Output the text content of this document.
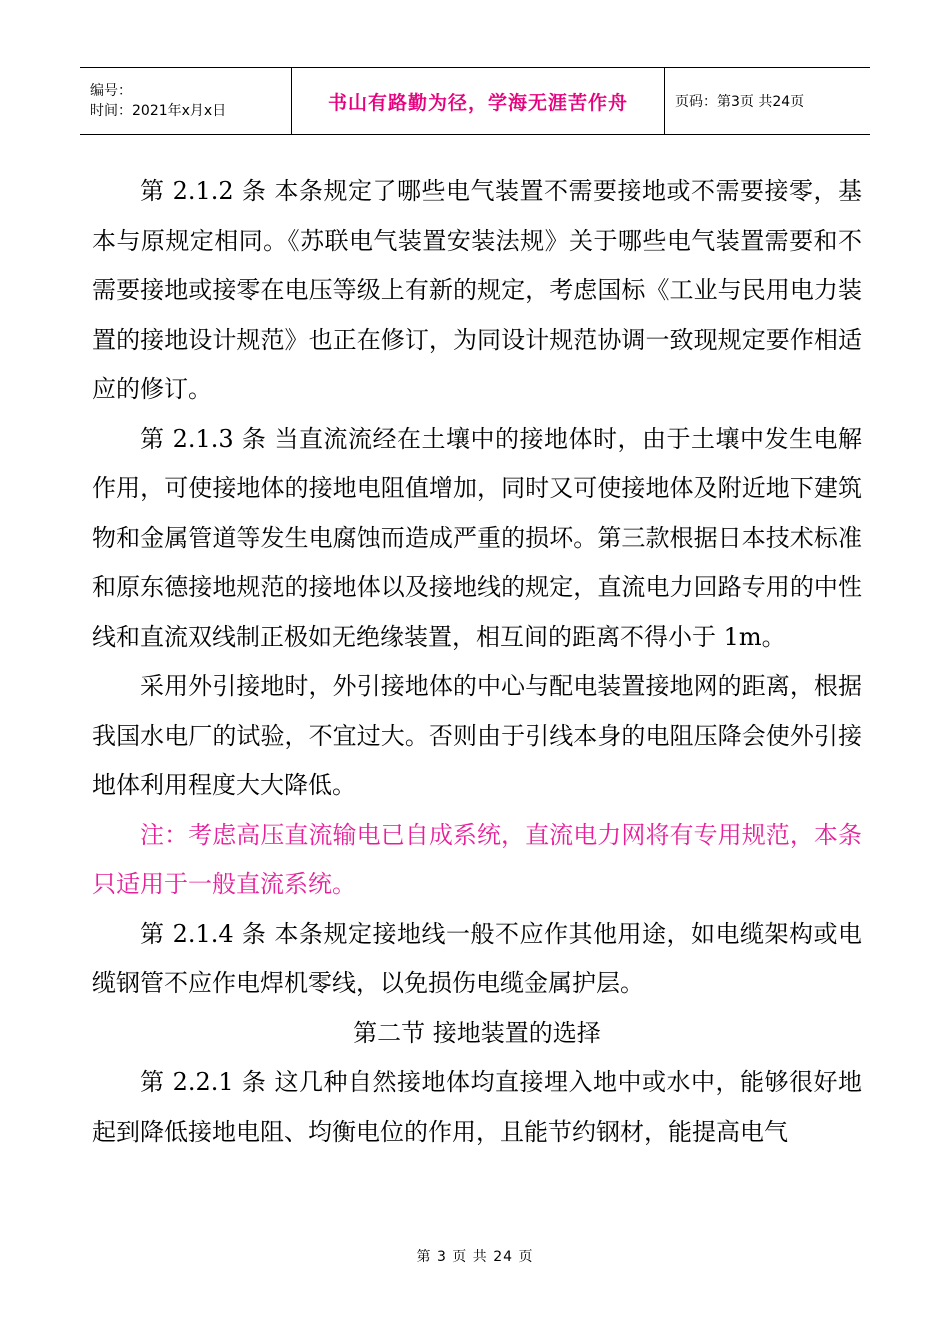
编号：
时间：2021年x月x日	书山有路勤为径，学海无涯苦作舟	页码：第3页 共24页

第 2.1.2 条 本条规定了哪些电气装置不需要接地或不需要接零，基本与原规定相同。《苏联电气装置安装法规》关于哪些电气装置需要和不需要接地或接零在电压等级上有新的规定，考虑国标《工业与民用电力装置的接地设计规范》也正在修订，为同设计规范协调一致现规定要作相适应的修订。

第 2.1.3 条 当直流流经在土壤中的接地体时，由于土壤中发生电解作用，可使接地体的接地电阻值增加，同时又可使接地体及附近地下建筑物和金属管道等发生电腐蚀而造成严重的损坏。第三款根据日本技术标准和原东德接地规范的接地体以及接地线的规定，直流电力回路专用的中性线和直流双线制正极如无绝缘装置，相互间的距离不得小于 1m。

采用外引接地时，外引接地体的中心与配电装置接地网的距离，根据我国水电厂的试验，不宜过大。否则由于引线本身的电阻压降会使外引接地体利用程度大大降低。

注：考虑高压直流输电已自成系统，直流电力网将有专用规范，本条只适用于一般直流系统。

第 2.1.4 条 本条规定接地线一般不应作其他用途，如电缆架构或电缆钢管不应作电焊机零线，以免损伤电缆金属护层。

第二节 接地装置的选择

第 2.2.1 条 这几种自然接地体均直接埋入地中或水中，能够很好地起到降低接地电阻、均衡电位的作用，且能节约钢材，能提高电气

第 3 页 共 24 页
